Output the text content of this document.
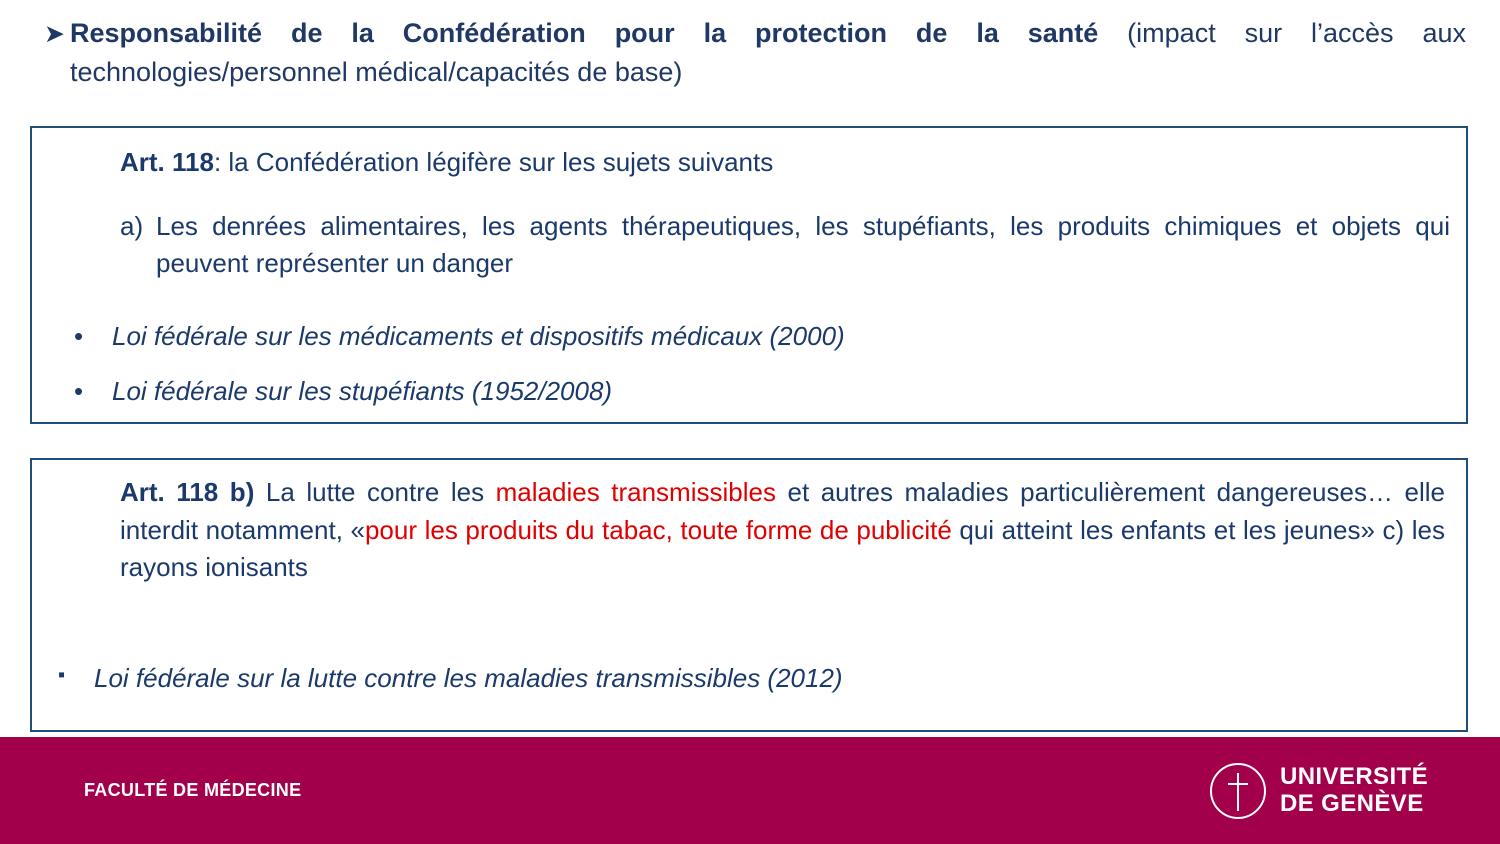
➤ Responsabilité de la Confédération pour la protection de la santé (impact sur l’accès aux technologies/personnel médical/capacités de base)
Art. 118: la Confédération légifère sur les sujets suivants
a) Les denrées alimentaires, les agents thérapeutiques, les stupéfiants, les produits chimiques et objets qui peuvent représenter un danger
•	Loi fédérale sur les médicaments et dispositifs médicaux (2000)
•	Loi fédérale sur les stupéfiants (1952/2008)
Art. 118 b) La lutte contre les maladies transmissibles et autres maladies particulièrement dangereuses… elle interdit notamment, «pour les produits du tabac, toute forme de publicité qui atteint les enfants et les jeunes» c) les rayons ionisants
▪	Loi fédérale sur la lutte contre les maladies transmissibles (2012)
FACULTÉ DE MÉDECINE	UNIVERSITÉ
DE GENÈVE
